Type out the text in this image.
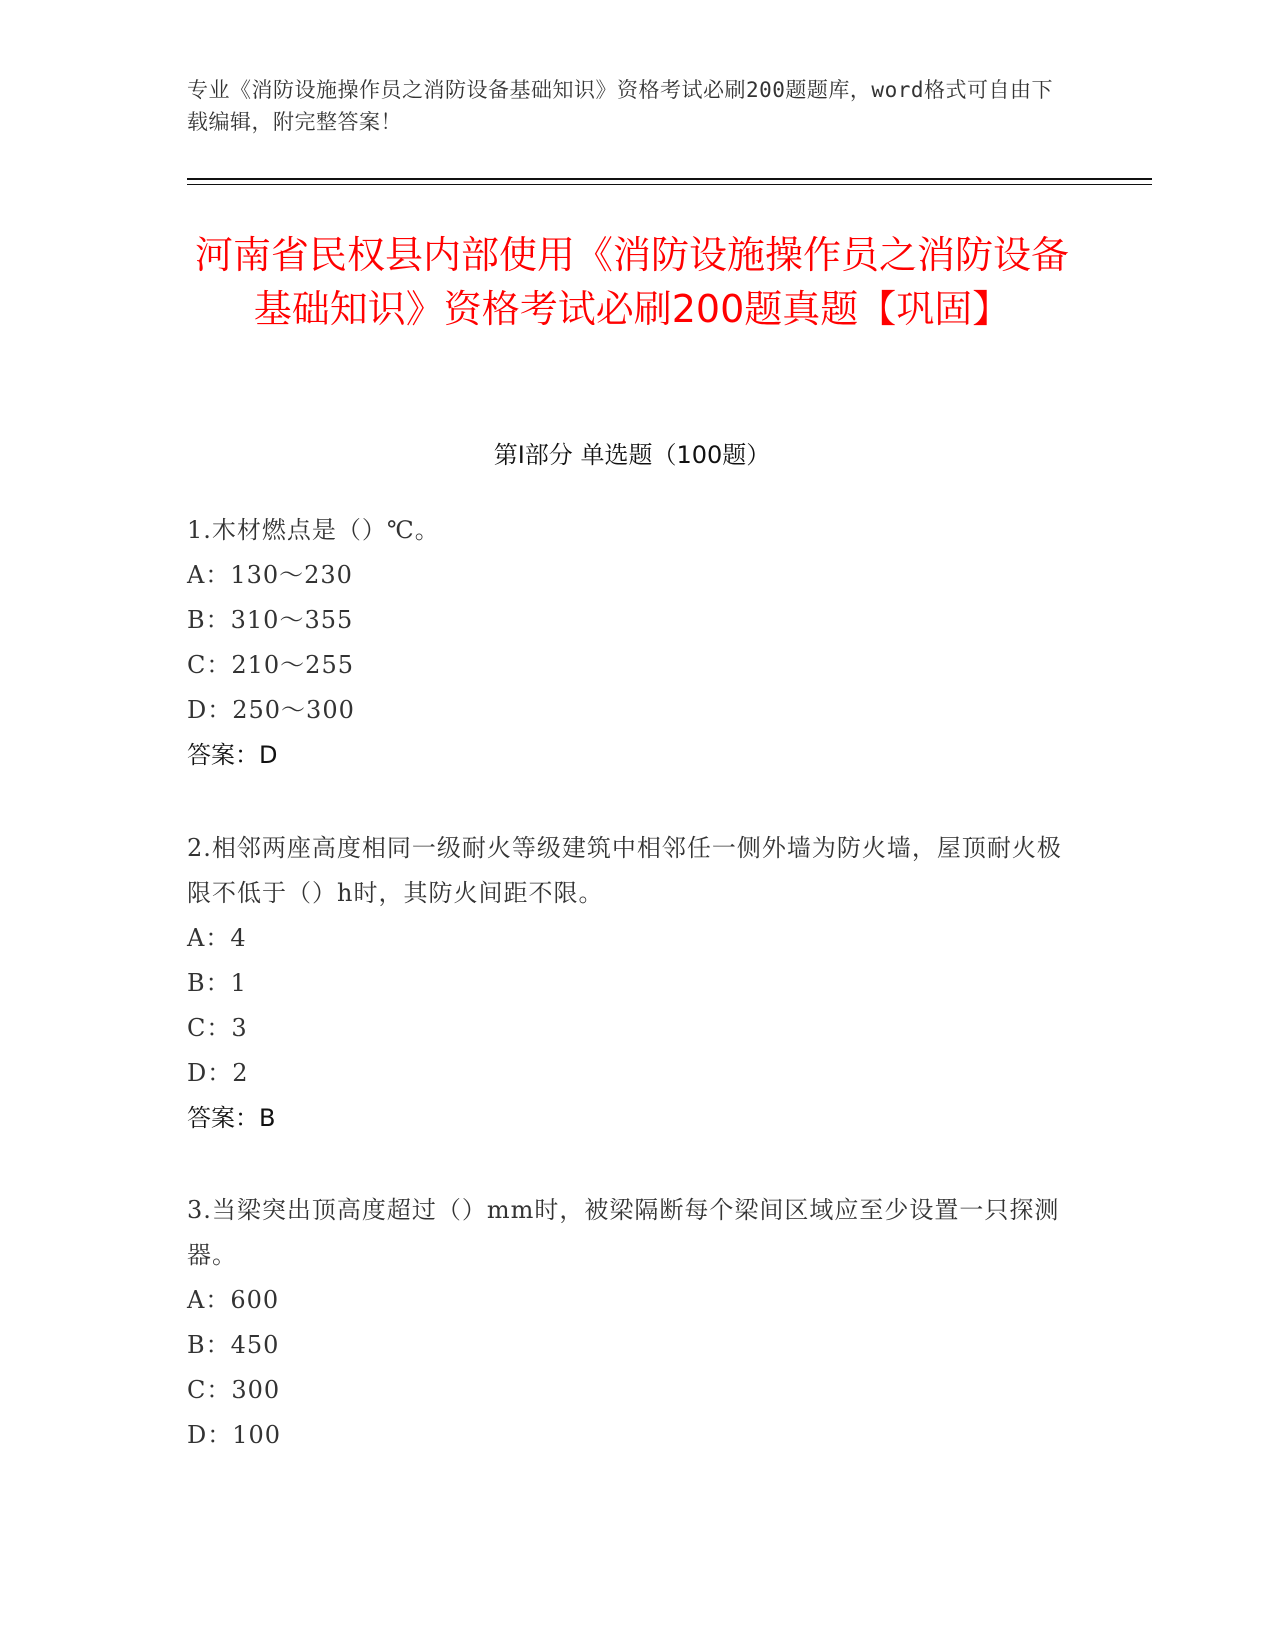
专业《消防设施操作员之消防设备基础知识》资格考试必刷200题题库，word格式可自由下载编辑，附完整答案！
河南省民权县内部使用《消防设施操作员之消防设备基础知识》资格考试必刷200题真题【巩固】
第Ⅰ部分 单选题（100题）
1.木材燃点是（）℃。
A：130～230
B：310～355
C：210～255
D：250～300
答案：D
2.相邻两座高度相同一级耐火等级建筑中相邻任一侧外墙为防火墙，屋顶耐火极限不低于（）h时，其防火间距不限。
A：4
B：1
C：3
D：2
答案：B
3.当梁突出顶高度超过（）mm时，被梁隔断每个梁间区域应至少设置一只探测器。
A：600
B：450
C：300
D：100
